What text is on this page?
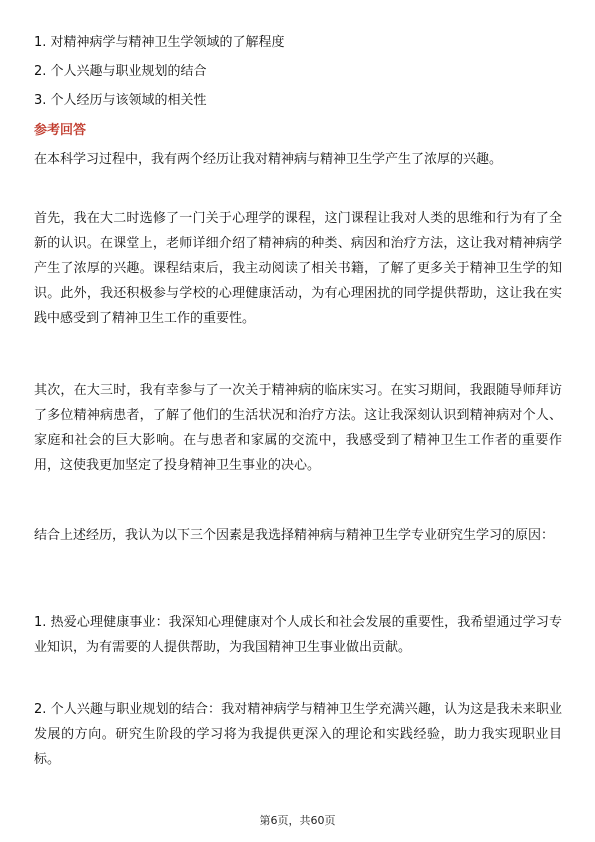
1. 对精神病学与精神卫生学领域的了解程度
2. 个人兴趣与职业规划的结合
3. 个人经历与该领域的相关性
参考回答
在本科学习过程中，我有两个经历让我对精神病与精神卫生学产生了浓厚的兴趣。
首先，我在大二时选修了一门关于心理学的课程，这门课程让我对人类的思维和行为有了全新的认识。在课堂上，老师详细介绍了精神病的种类、病因和治疗方法，这让我对精神病学产生了浓厚的兴趣。课程结束后，我主动阅读了相关书籍，了解了更多关于精神卫生学的知识。此外，我还积极参与学校的心理健康活动，为有心理困扰的同学提供帮助，这让我在实践中感受到了精神卫生工作的重要性。
其次，在大三时，我有幸参与了一次关于精神病的临床实习。在实习期间，我跟随导师拜访了多位精神病患者，了解了他们的生活状况和治疗方法。这让我深刻认识到精神病对个人、家庭和社会的巨大影响。在与患者和家属的交流中，我感受到了精神卫生工作者的重要作用，这使我更加坚定了投身精神卫生事业的决心。
结合上述经历，我认为以下三个因素是我选择精神病与精神卫生学专业研究生学习的原因：
1. 热爱心理健康事业：我深知心理健康对个人成长和社会发展的重要性，我希望通过学习专业知识，为有需要的人提供帮助，为我国精神卫生事业做出贡献。
2. 个人兴趣与职业规划的结合：我对精神病学与精神卫生学充满兴趣，认为这是我未来职业发展的方向。研究生阶段的学习将为我提供更深入的理论和实践经验，助力我实现职业目标。
第6页，共60页
